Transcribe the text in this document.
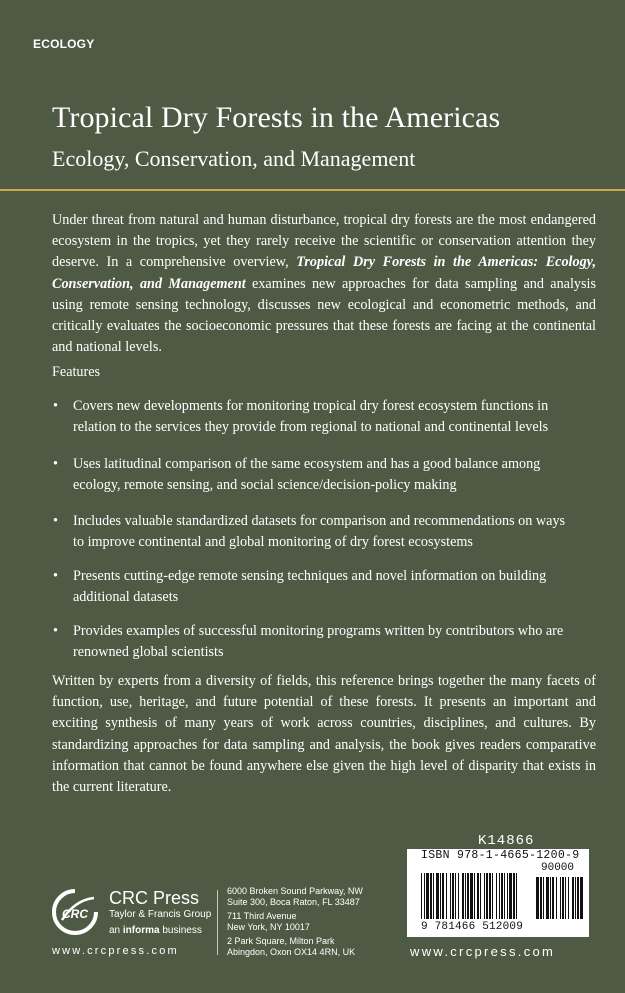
ECOLOGY
Tropical Dry Forests in the Americas
Ecology, Conservation, and Management
Under threat from natural and human disturbance, tropical dry forests are the most endangered ecosystem in the tropics, yet they rarely receive the scientific or conservation attention they deserve. In a comprehensive overview, Tropical Dry Forests in the Americas: Ecology, Conservation, and Management examines new approaches for data sampling and analysis using remote sensing technology, discusses new ecological and econometric methods, and critically evaluates the socioeconomic pressures that these forests are facing at the continental and national levels.
Features
• Covers new developments for monitoring tropical dry forest ecosystem functions in relation to the services they provide from regional to national and continental levels
• Uses latitudinal comparison of the same ecosystem and has a good balance among ecology, remote sensing, and social science/decision-policy making
• Includes valuable standardized datasets for comparison and recommendations on ways to improve continental and global monitoring of dry forest ecosystems
• Presents cutting-edge remote sensing techniques and novel information on building additional datasets
• Provides examples of successful monitoring programs written by contributors who are renowned global scientists
Written by experts from a diversity of fields, this reference brings together the many facets of function, use, heritage, and future potential of these forests. It presents an important and exciting synthesis of many years of work across countries, disciplines, and cultures. By standardizing approaches for data sampling and analysis, the book gives readers comparative information that cannot be found anywhere else given the high level of disparity that exists in the current literature.
CRC
CRC Press
Taylor & Francis Group
an informa business
6000 Broken Sound Parkway, NW
Suite 300, Boca Raton, FL 33487
711 Third Avenue
New York, NY 10017
2 Park Square, Milton Park
Abingdon, Oxon OX14 4RN, UK
www.crcpress.com
K14866
ISBN 978-1-4665-1200-9
90000
9 781466 512009
www.crcpress.com
